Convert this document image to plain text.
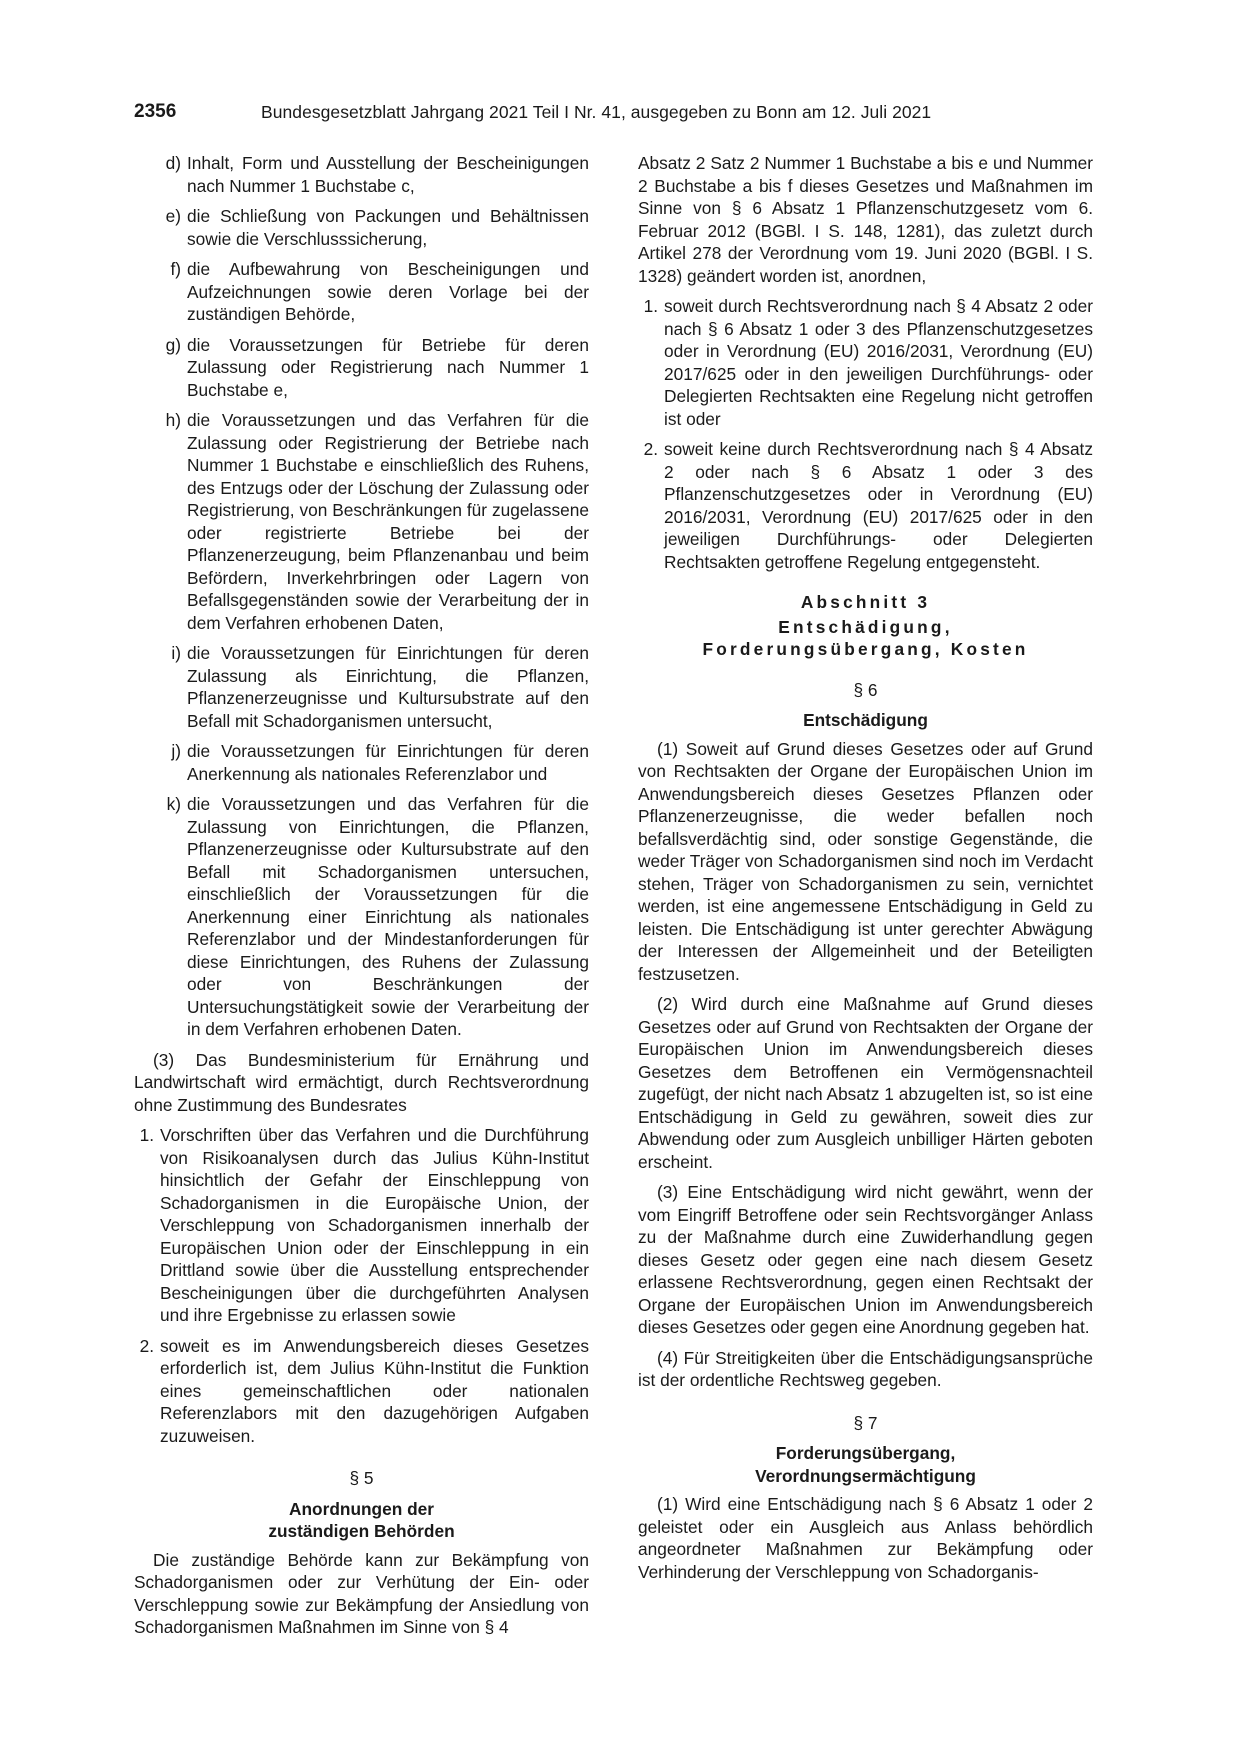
2356	Bundesgesetzblatt Jahrgang 2021 Teil I Nr. 41, ausgegeben zu Bonn am 12. Juli 2021
d) Inhalt, Form und Ausstellung der Bescheinigungen nach Nummer 1 Buchstabe c,
e) die Schließung von Packungen und Behältnissen sowie die Verschlusssicherung,
f) die Aufbewahrung von Bescheinigungen und Aufzeichnungen sowie deren Vorlage bei der zuständigen Behörde,
g) die Voraussetzungen für Betriebe für deren Zulassung oder Registrierung nach Nummer 1 Buchstabe e,
h) die Voraussetzungen und das Verfahren für die Zulassung oder Registrierung der Betriebe nach Nummer 1 Buchstabe e einschließlich des Ruhens, des Entzugs oder der Löschung der Zulassung oder Registrierung, von Beschränkungen für zugelassene oder registrierte Betriebe bei der Pflanzenerzeugung, beim Pflanzenanbau und beim Befördern, Inverkehrbringen oder Lagern von Befallsgegenständen sowie der Verarbeitung der in dem Verfahren erhobenen Daten,
i) die Voraussetzungen für Einrichtungen für deren Zulassung als Einrichtung, die Pflanzen, Pflanzenerzeugnisse und Kultursubstrate auf den Befall mit Schadorganismen untersucht,
j) die Voraussetzungen für Einrichtungen für deren Anerkennung als nationales Referenzlabor und
k) die Voraussetzungen und das Verfahren für die Zulassung von Einrichtungen, die Pflanzen, Pflanzenerzeugnisse oder Kultursubstrate auf den Befall mit Schadorganismen untersuchen, einschließlich der Voraussetzungen für die Anerkennung einer Einrichtung als nationales Referenzlabor und der Mindestanforderungen für diese Einrichtungen, des Ruhens der Zulassung oder von Beschränkungen der Untersuchungstätigkeit sowie der Verarbeitung der in dem Verfahren erhobenen Daten.

(3) Das Bundesministerium für Ernährung und Landwirtschaft wird ermächtigt, durch Rechtsverordnung ohne Zustimmung des Bundesrates

1. Vorschriften über das Verfahren und die Durchführung von Risikoanalysen durch das Julius Kühn-Institut hinsichtlich der Gefahr der Einschleppung von Schadorganismen in die Europäische Union, der Verschleppung von Schadorganismen innerhalb der Europäischen Union oder der Einschleppung in ein Drittland sowie über die Ausstellung entsprechender Bescheinigungen über die durchgeführten Analysen und ihre Ergebnisse zu erlassen sowie
2. soweit es im Anwendungsbereich dieses Gesetzes erforderlich ist, dem Julius Kühn-Institut die Funktion eines gemeinschaftlichen oder nationalen Referenzlabors mit den dazugehörigen Aufgaben zuzuweisen.
§ 5
Anordnungen der
zuständigen Behörden

Die zuständige Behörde kann zur Bekämpfung von Schadorganismen oder zur Verhütung der Ein- oder Verschleppung sowie zur Bekämpfung der Ansiedlung von Schadorganismen Maßnahmen im Sinne von § 4

Absatz 2 Satz 2 Nummer 1 Buchstabe a bis e und Nummer 2 Buchstabe a bis f dieses Gesetzes und Maßnahmen im Sinne von § 6 Absatz 1 Pflanzenschutzgesetz vom 6. Februar 2012 (BGBl. I S. 148, 1281), das zuletzt durch Artikel 278 der Verordnung vom 19. Juni 2020 (BGBl. I S. 1328) geändert worden ist, anordnen,

1. soweit durch Rechtsverordnung nach § 4 Absatz 2 oder nach § 6 Absatz 1 oder 3 des Pflanzenschutzgesetzes oder in Verordnung (EU) 2016/2031, Verordnung (EU) 2017/625 oder in den jeweiligen Durchführungs- oder Delegierten Rechtsakten eine Regelung nicht getroffen ist oder
2. soweit keine durch Rechtsverordnung nach § 4 Absatz 2 oder nach § 6 Absatz 1 oder 3 des Pflanzenschutzgesetzes oder in Verordnung (EU) 2016/2031, Verordnung (EU) 2017/625 oder in den jeweiligen Durchführungs- oder Delegierten Rechtsakten getroffene Regelung entgegensteht.
Abschnitt 3
Entschädigung,
Forderungsübergang, Kosten
§ 6
Entschädigung

(1) Soweit auf Grund dieses Gesetzes oder auf Grund von Rechtsakten der Organe der Europäischen Union im Anwendungsbereich dieses Gesetzes Pflanzen oder Pflanzenerzeugnisse, die weder befallen noch befallsverdächtig sind, oder sonstige Gegenstände, die weder Träger von Schadorganismen sind noch im Verdacht stehen, Träger von Schadorganismen zu sein, vernichtet werden, ist eine angemessene Entschädigung in Geld zu leisten. Die Entschädigung ist unter gerechter Abwägung der Interessen der Allgemeinheit und der Beteiligten festzusetzen.

(2) Wird durch eine Maßnahme auf Grund dieses Gesetzes oder auf Grund von Rechtsakten der Organe der Europäischen Union im Anwendungsbereich dieses Gesetzes dem Betroffenen ein Vermögensnachteil zugefügt, der nicht nach Absatz 1 abzugelten ist, so ist eine Entschädigung in Geld zu gewähren, soweit dies zur Abwendung oder zum Ausgleich unbilliger Härten geboten erscheint.

(3) Eine Entschädigung wird nicht gewährt, wenn der vom Eingriff Betroffene oder sein Rechtsvorgänger Anlass zu der Maßnahme durch eine Zuwiderhandlung gegen dieses Gesetz oder gegen eine nach diesem Gesetz erlassene Rechtsverordnung, gegen einen Rechtsakt der Organe der Europäischen Union im Anwendungsbereich dieses Gesetzes oder gegen eine Anordnung gegeben hat.

(4) Für Streitigkeiten über die Entschädigungsansprüche ist der ordentliche Rechtsweg gegeben.

§ 7
Forderungsübergang,
Verordnungsermächtigung

(1) Wird eine Entschädigung nach § 6 Absatz 1 oder 2 geleistet oder ein Ausgleich aus Anlass behördlich angeordneter Maßnahmen zur Bekämpfung oder Verhinderung der Verschleppung von Schadorganis-
